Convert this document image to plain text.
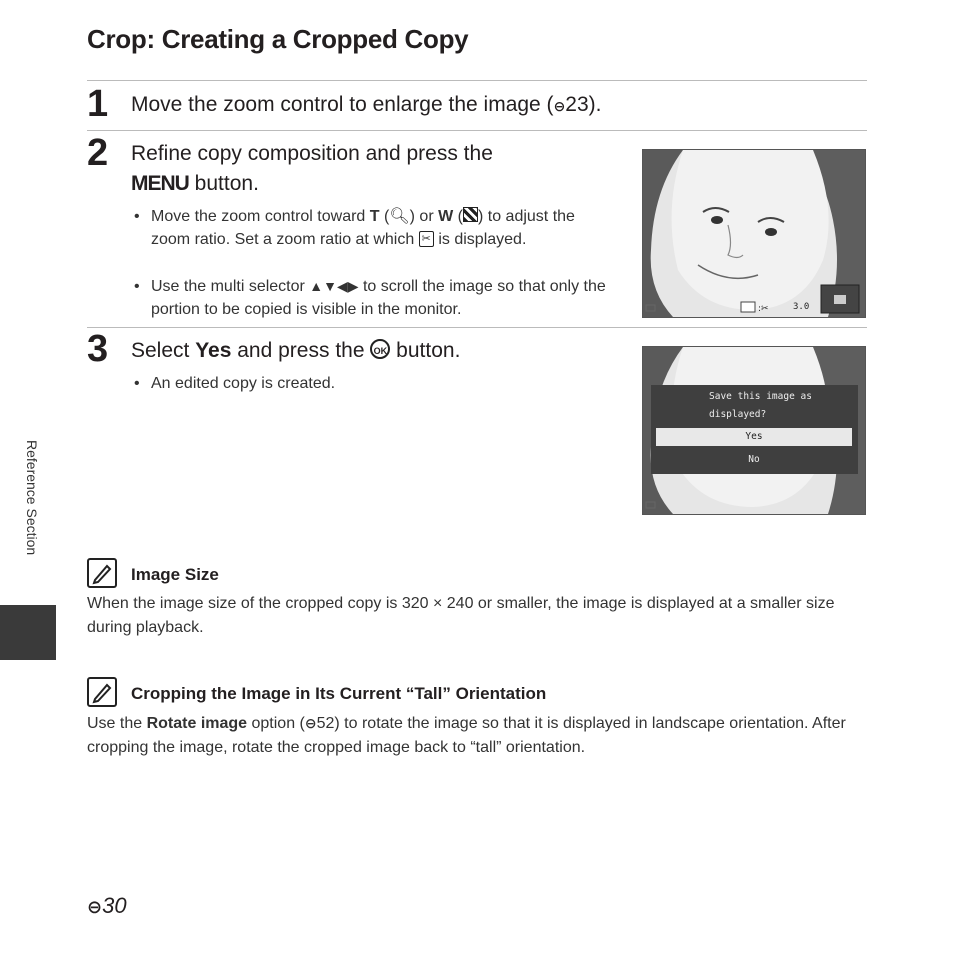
Crop: Creating a Cropped Copy
Reference Section
1 Move the zoom control to enlarge the image (⊖23).
2 Refine copy composition and press the
MENU button.
• Move the zoom control toward T (🔍︎) or W ( ) to adjust the zoom ratio. Set a zoom ratio at which ✂ is displayed.
• Use the multi selector ▲▼◀▶ to scroll the image so that only the portion to be copied is visible in the monitor.	:✂	3.0
3 Select Yes and press the OK button.
• An edited copy is created.
Save this image as
displayed?
Yes
No
Image Size
When the image size of the cropped copy is 320 × 240 or smaller, the image is displayed at a smaller size during playback.
Cropping the Image in Its Current “Tall” Orientation
Use the Rotate image option (⊖52) to rotate the image so that it is displayed in landscape orientation. After cropping the image, rotate the cropped image back to “tall” orientation.
⊖30
